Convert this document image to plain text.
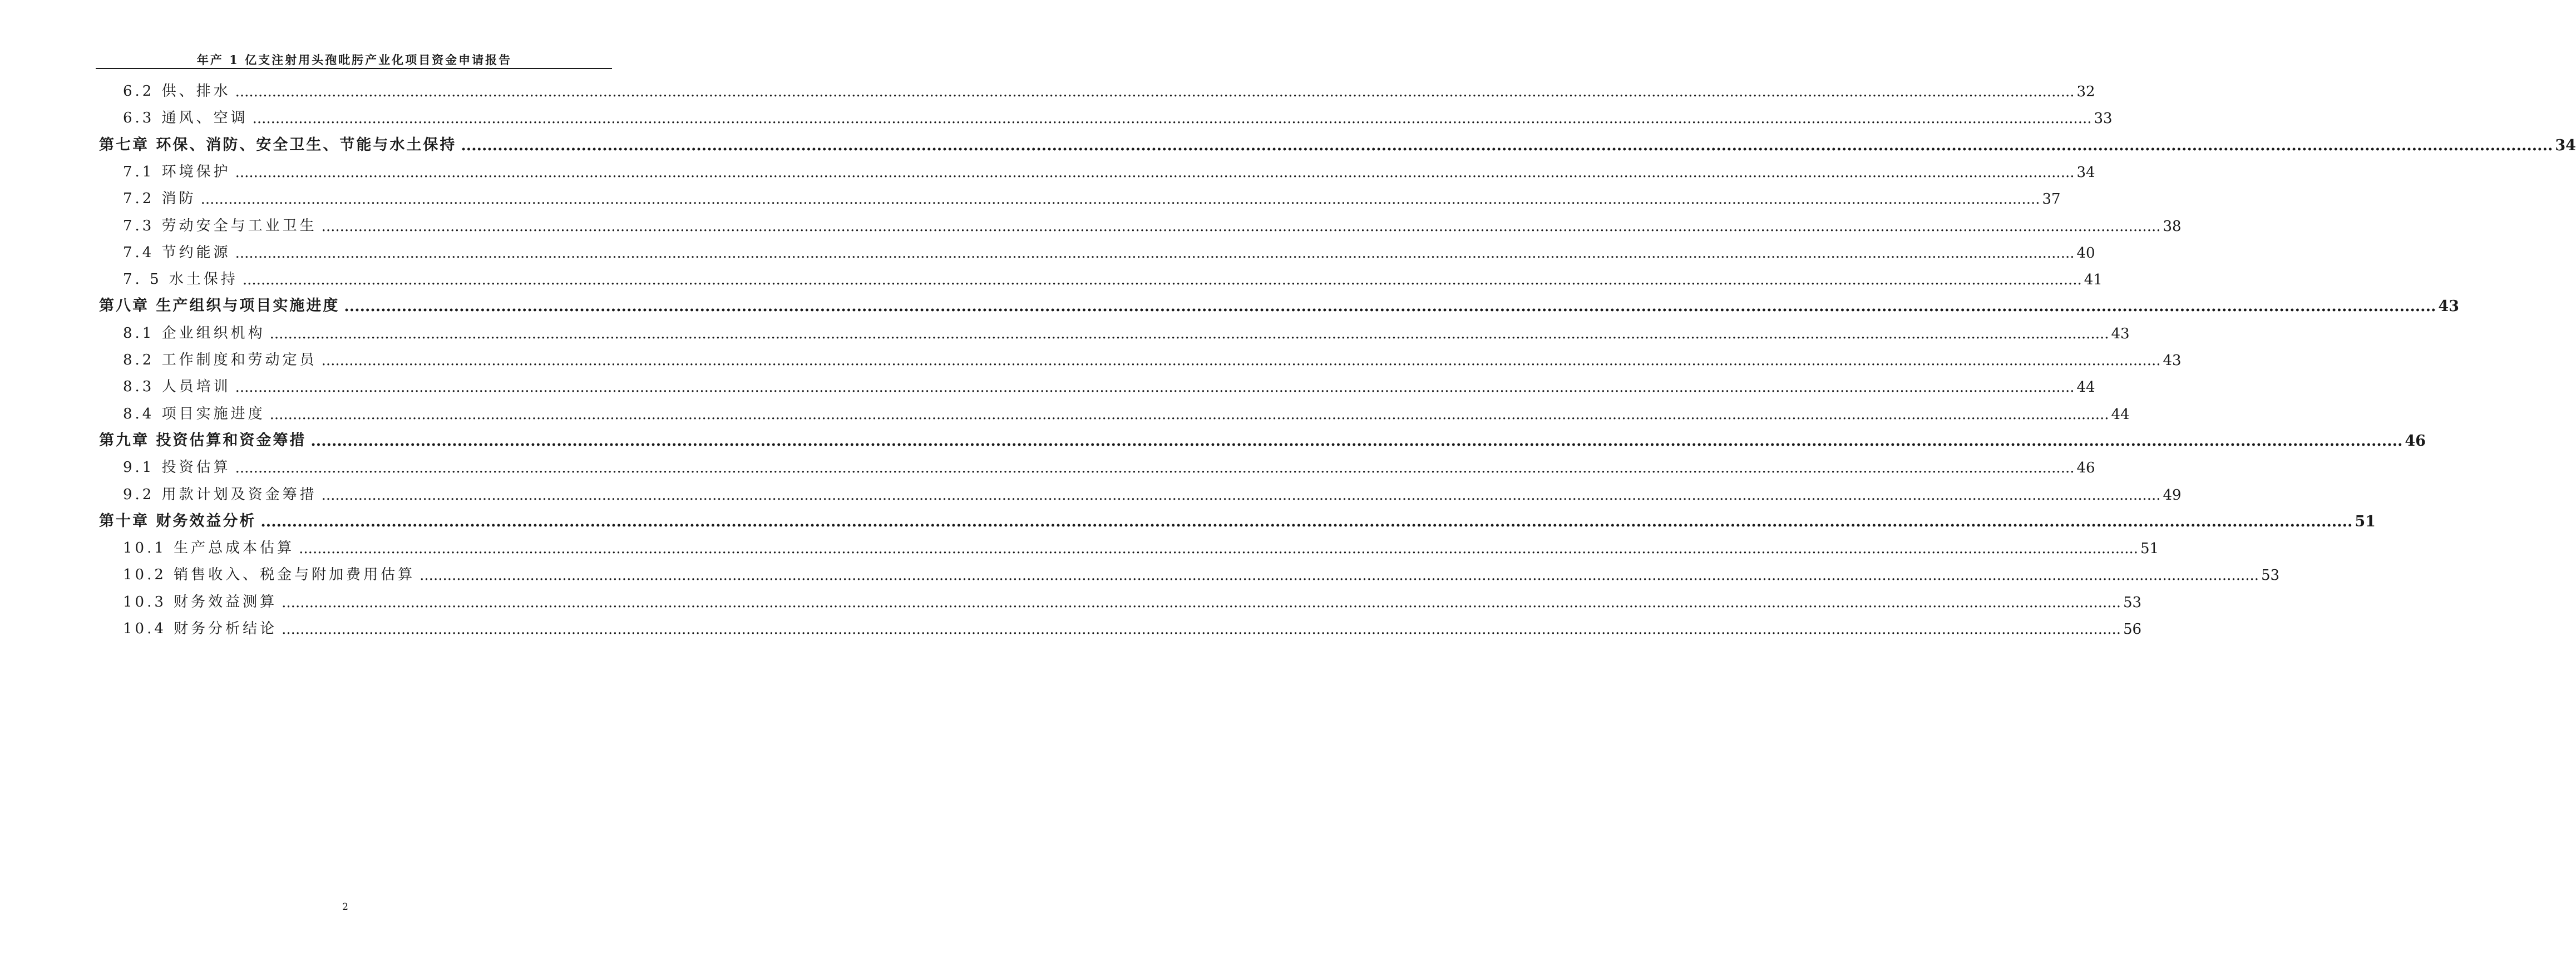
年产 1 亿支注射用头孢吡肟产业化项目资金申请报告
6.2 供、排水 ................................................................................................................................................................................................................................................................................................................................................................................................................ 32
6.3 通风、空调 ................................................................................................................................................................................................................................................................................................................................................................................................................ 33
第七章 环保、消防、安全卫生、节能与水土保持 ................................................................................................................................................................................................................................................................................................................................................................................................................ 34
7.1 环境保护 ................................................................................................................................................................................................................................................................................................................................................................................................................ 34
7.2 消防 ................................................................................................................................................................................................................................................................................................................................................................................................................ 37
7.3 劳动安全与工业卫生 ................................................................................................................................................................................................................................................................................................................................................................................................................ 38
7.4 节约能源 ................................................................................................................................................................................................................................................................................................................................................................................................................ 40
7. 5 水土保持 ................................................................................................................................................................................................................................................................................................................................................................................................................ 41
第八章 生产组织与项目实施进度 ................................................................................................................................................................................................................................................................................................................................................................................................................ 43
8.1 企业组织机构 ................................................................................................................................................................................................................................................................................................................................................................................................................ 43
8.2 工作制度和劳动定员 ................................................................................................................................................................................................................................................................................................................................................................................................................ 43
8.3 人员培训 ................................................................................................................................................................................................................................................................................................................................................................................................................ 44
8.4 项目实施进度 ................................................................................................................................................................................................................................................................................................................................................................................................................ 44
第九章 投资估算和资金筹措 ................................................................................................................................................................................................................................................................................................................................................................................................................ 46
9.1 投资估算 ................................................................................................................................................................................................................................................................................................................................................................................................................ 46
9.2 用款计划及资金筹措 ................................................................................................................................................................................................................................................................................................................................................................................................................ 49
第十章 财务效益分析 ................................................................................................................................................................................................................................................................................................................................................................................................................ 51
10.1 生产总成本估算 ................................................................................................................................................................................................................................................................................................................................................................................................................ 51
10.2 销售收入、税金与附加费用估算 ................................................................................................................................................................................................................................................................................................................................................................................................................ 53
10.3 财务效益测算 ................................................................................................................................................................................................................................................................................................................................................................................................................ 53
10.4 财务分析结论 ................................................................................................................................................................................................................................................................................................................................................................................................................ 56
2
